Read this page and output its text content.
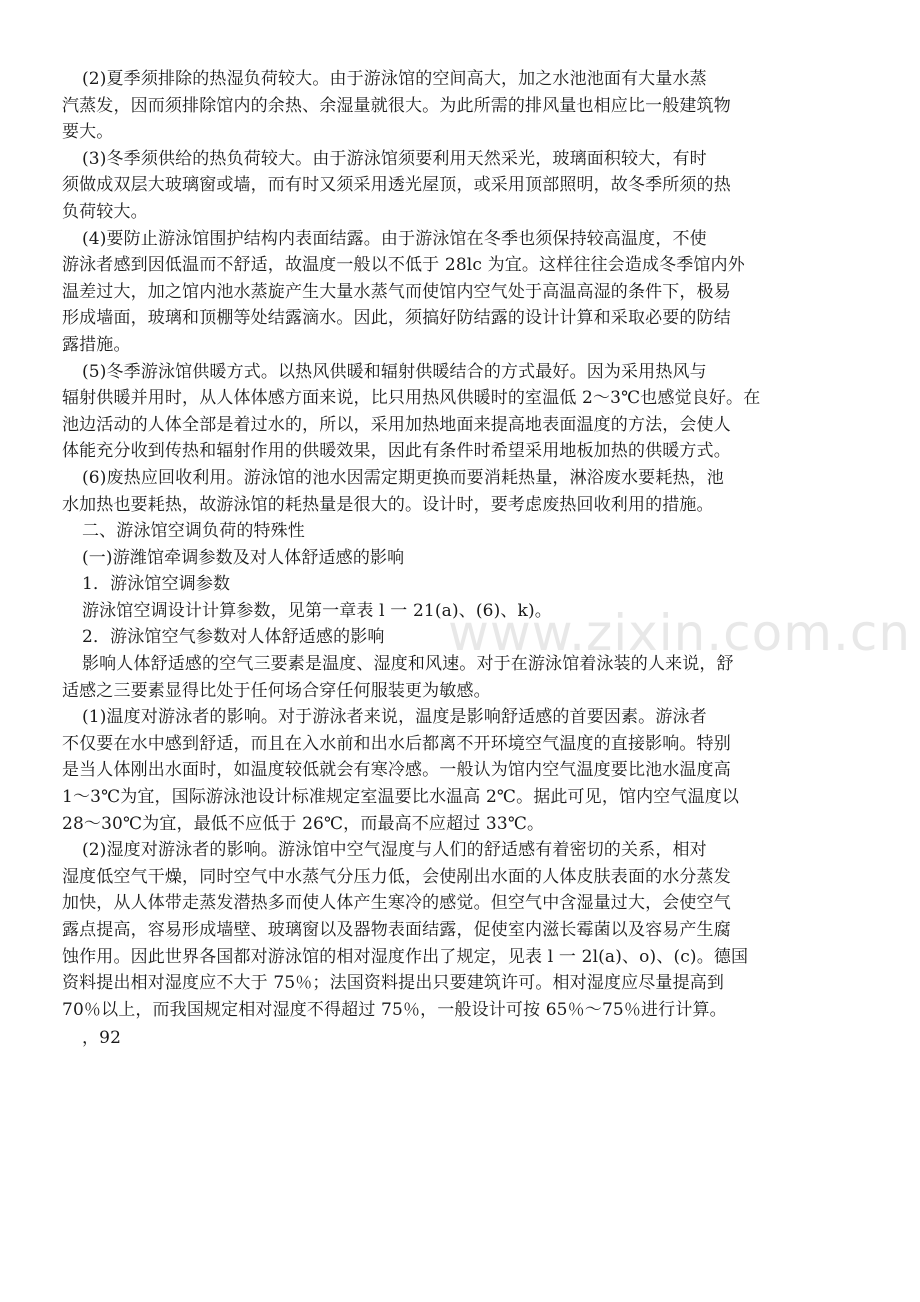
www.zixin.com.cn
(2)夏季须排除的热湿负荷较大。由于游泳馆的空间高大，加之水池池面有大量水蒸
汽蒸发，因而须排除馆内的余热、余湿量就很大。为此所需的排风量也相应比一般建筑物
要大。
(3)冬季须供给的热负荷较大。由于游泳馆须要利用天然采光，玻璃面积较大，有时
须做成双层大玻璃窗或墙，而有时又须采用透光屋顶，或采用顶部照明，故冬季所须的热
负荷较大。
(4)要防止游泳馆围护结构内表面结露。由于游泳馆在冬季也须保持较高温度，不使
游泳者感到因低温而不舒适，故温度一般以不低于 28lc 为宜。这样往往会造成冬季馆内外
温差过大，加之馆内池水蒸旋产生大量水蒸气而使馆内空气处于高温高湿的条件下，极易
形成墙面，玻璃和顶棚等处结露滴水。因此，须搞好防结露的设计计算和采取必要的防结
露措施。
(5)冬季游泳馆供暖方式。以热风供暖和辐射供暖结合的方式最好。因为采用热风与
辐射供暖并用时，从人体体感方面来说，比只用热风供暖时的室温低 2～3℃也感觉良好。在
池边活动的人体全部是着过水的，所以，采用加热地面来提高地表面温度的方法，会使人
体能充分收到传热和辐射作用的供暖效果，因此有条件时希望采用地板加热的供暖方式。
(6)废热应回收利用。游泳馆的池水因需定期更换而要消耗热量，淋浴废水要耗热，池
水加热也要耗热，故游泳馆的耗热量是很大的。设计时，要考虑废热回收利用的措施。
二、游泳馆空调负荷的特殊性
(一)游潍馆牵调参数及对人体舒适感的影响
1．游泳馆空调参数
游泳馆空调设计计算参数，见第一章表 l 一 21(a)、(6)、k)。
2．游泳馆空气参数对人体舒适感的影响
影响人体舒适感的空气三要素是温度、湿度和风速。对于在游泳馆着泳装的人来说，舒
适感之三要素显得比处于任何场合穿任何服装更为敏感。
(1)温度对游泳者的影响。对于游泳者来说，温度是影响舒适感的首要因素。游泳者
不仅要在水中感到舒适，而且在入水前和出水后都离不开环境空气温度的直接影响。特别
是当人体刚出水面时，如温度较低就会有寒冷感。一般认为馆内空气温度要比池水温度高
1～3℃为宜，国际游泳池设计标准规定室温要比水温高 2℃。据此可见，馆内空气温度以
28～30℃为宜，最低不应低于 26℃，而最高不应超过 33℃。
(2)湿度对游泳者的影响。游泳馆中空气湿度与人们的舒适感有着密切的关系，相对
湿度低空气干燥，同时空气中水蒸气分压力低，会使剐出水面的人体皮肤表面的水分蒸发
加快，从人体带走蒸发潜热多而使人体产生寒冷的感觉。但空气中含湿量过大，会使空气
露点提高，容易形成墙壁、玻璃窗以及器物表面结露，促使室内滋长霉菌以及容易产生腐
蚀作用。因此世界各国都对游泳馆的相对湿度作出了规定，见表 l 一 2l(a)、o)、(c)。德国
资料提出相对湿度应不大于 75％；法国资料提出只要建筑许可。相对湿度应尽量提高到
70％以上，而我国规定相对湿度不得超过 75％，一般设计可按 65％～75％进行计算。
，92
